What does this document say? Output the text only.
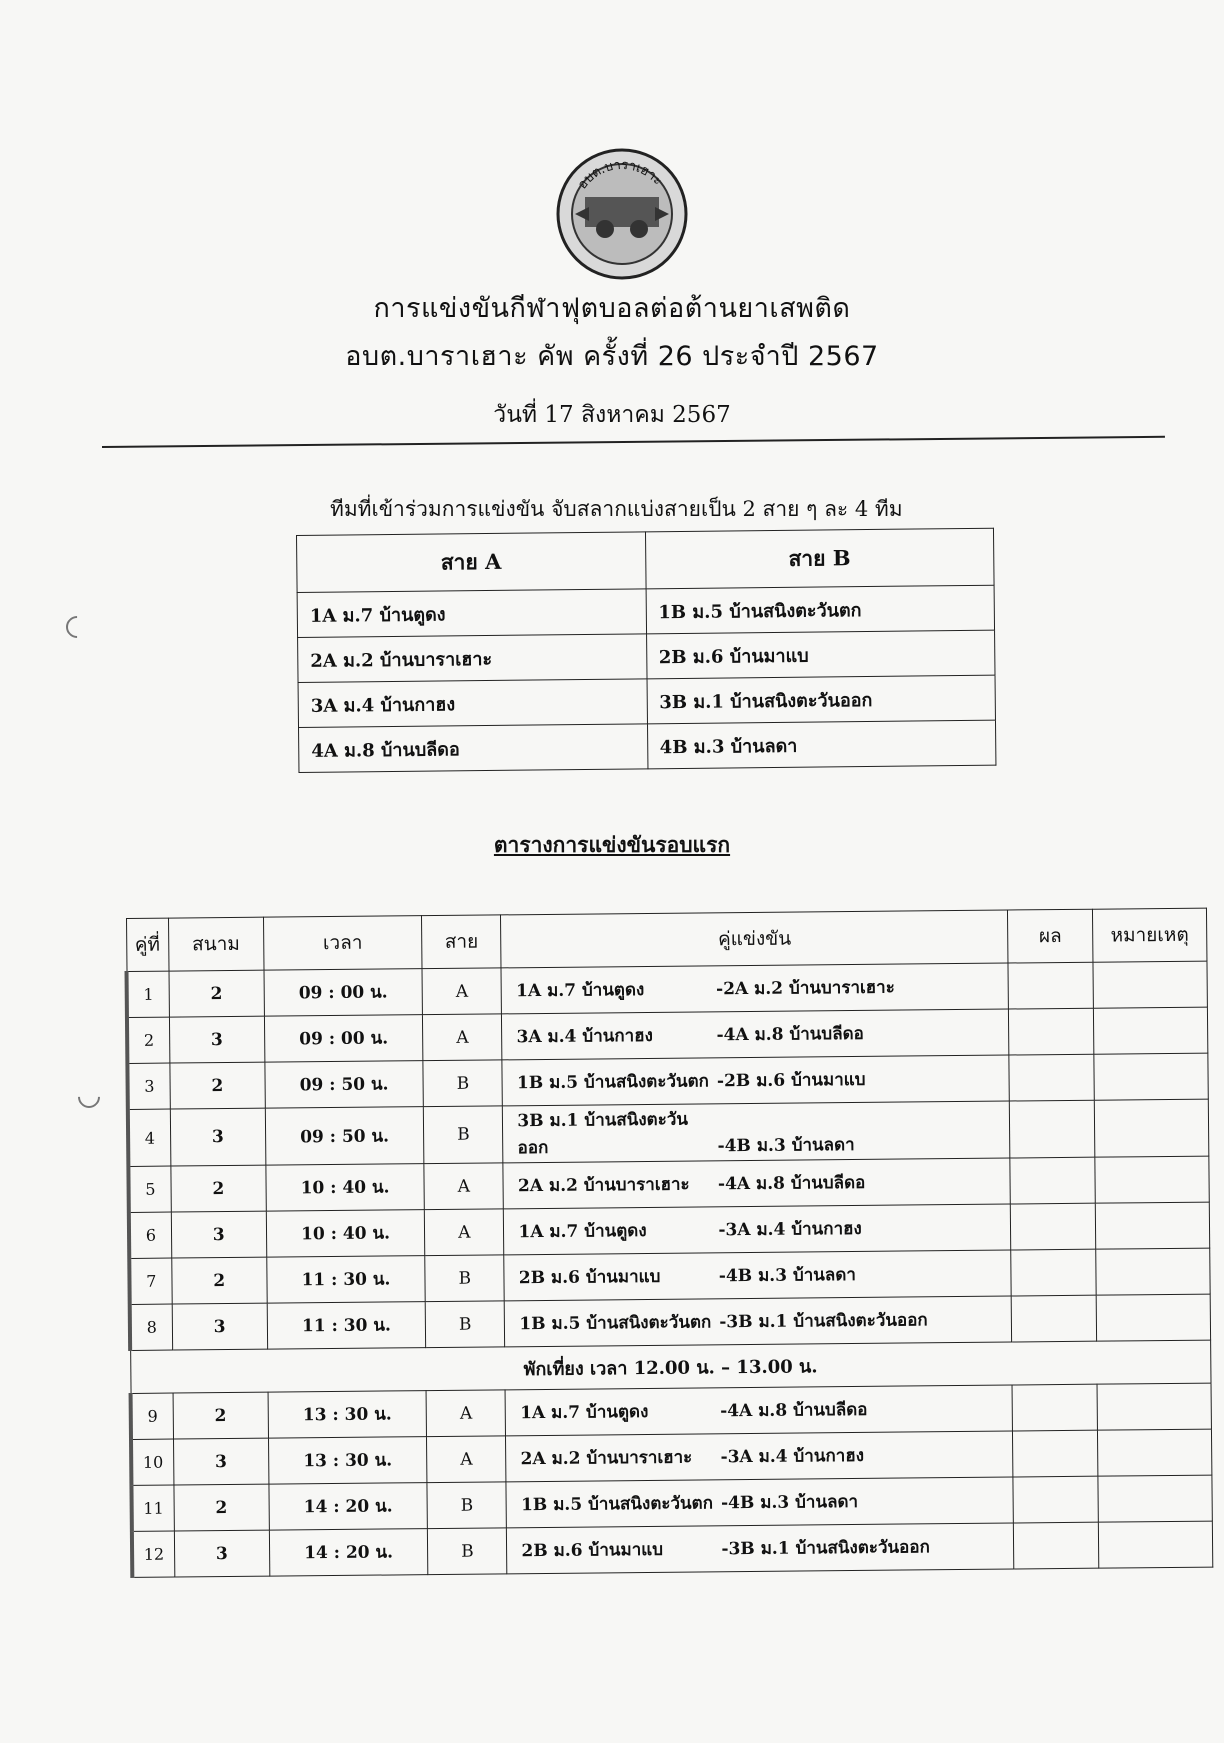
อบต.บาราเฮาะ
การแข่งขันกีฬาฟุตบอลต่อต้านยาเสพติด
อบต.บาราเฮาะ คัพ ครั้งที่ 26 ประจำปี 2567
วันที่ 17 สิงหาคม 2567
ทีมที่เข้าร่วมการแข่งขัน จับสลากแบ่งสายเป็น 2 สาย ๆ ละ 4 ทีม
สาย A	สาย B
1A ม.7 บ้านตูดง	1B ม.5 บ้านสนิงตะวันตก
2A ม.2 บ้านบาราเฮาะ	2B ม.6 บ้านมาแบ
3A ม.4 บ้านกาฮง	3B ม.1 บ้านสนิงตะวันออก
4A ม.8 บ้านบลีดอ	4B ม.3 บ้านลดา
ตารางการแข่งขันรอบแรก
คู่ที่	สนาม	เวลา	สาย	คู่แข่งขัน	ผล	หมายเหตุ
1	2	09 : 00 น.	A	1A ม.7 บ้านตูดง -2A ม.2 บ้านบาราเฮาะ		
2	3	09 : 00 น.	A	3A ม.4 บ้านกาฮง -4A ม.8 บ้านบลีดอ		
3	2	09 : 50 น.	B	1B ม.5 บ้านสนิงตะวันตก -2B ม.6 บ้านมาแบ		
4	3	09 : 50 น.	B	3B ม.1 บ้านสนิงตะวันออก -4B ม.3 บ้านลดา		
5	2	10 : 40 น.	A	2A ม.2 บ้านบาราเฮาะ -4A ม.8 บ้านบลีดอ		
6	3	10 : 40 น.	A	1A ม.7 บ้านตูดง -3A ม.4 บ้านกาฮง		
7	2	11 : 30 น.	B	2B ม.6 บ้านมาแบ -4B ม.3 บ้านลดา		
8	3	11 : 30 น.	B	1B ม.5 บ้านสนิงตะวันตก -3B ม.1 บ้านสนิงตะวันออก		
พักเที่ยง เวลา 12.00 น. – 13.00 น.						
9	2	13 : 30 น.	A	1A ม.7 บ้านตูดง -4A ม.8 บ้านบลีดอ		
10	3	13 : 30 น.	A	2A ม.2 บ้านบาราเฮาะ -3A ม.4 บ้านกาฮง		
11	2	14 : 20 น.	B	1B ม.5 บ้านสนิงตะวันตก -4B ม.3 บ้านลดา		
12	3	14 : 20 น.	B	2B ม.6 บ้านมาแบ -3B ม.1 บ้านสนิงตะวันออก		
